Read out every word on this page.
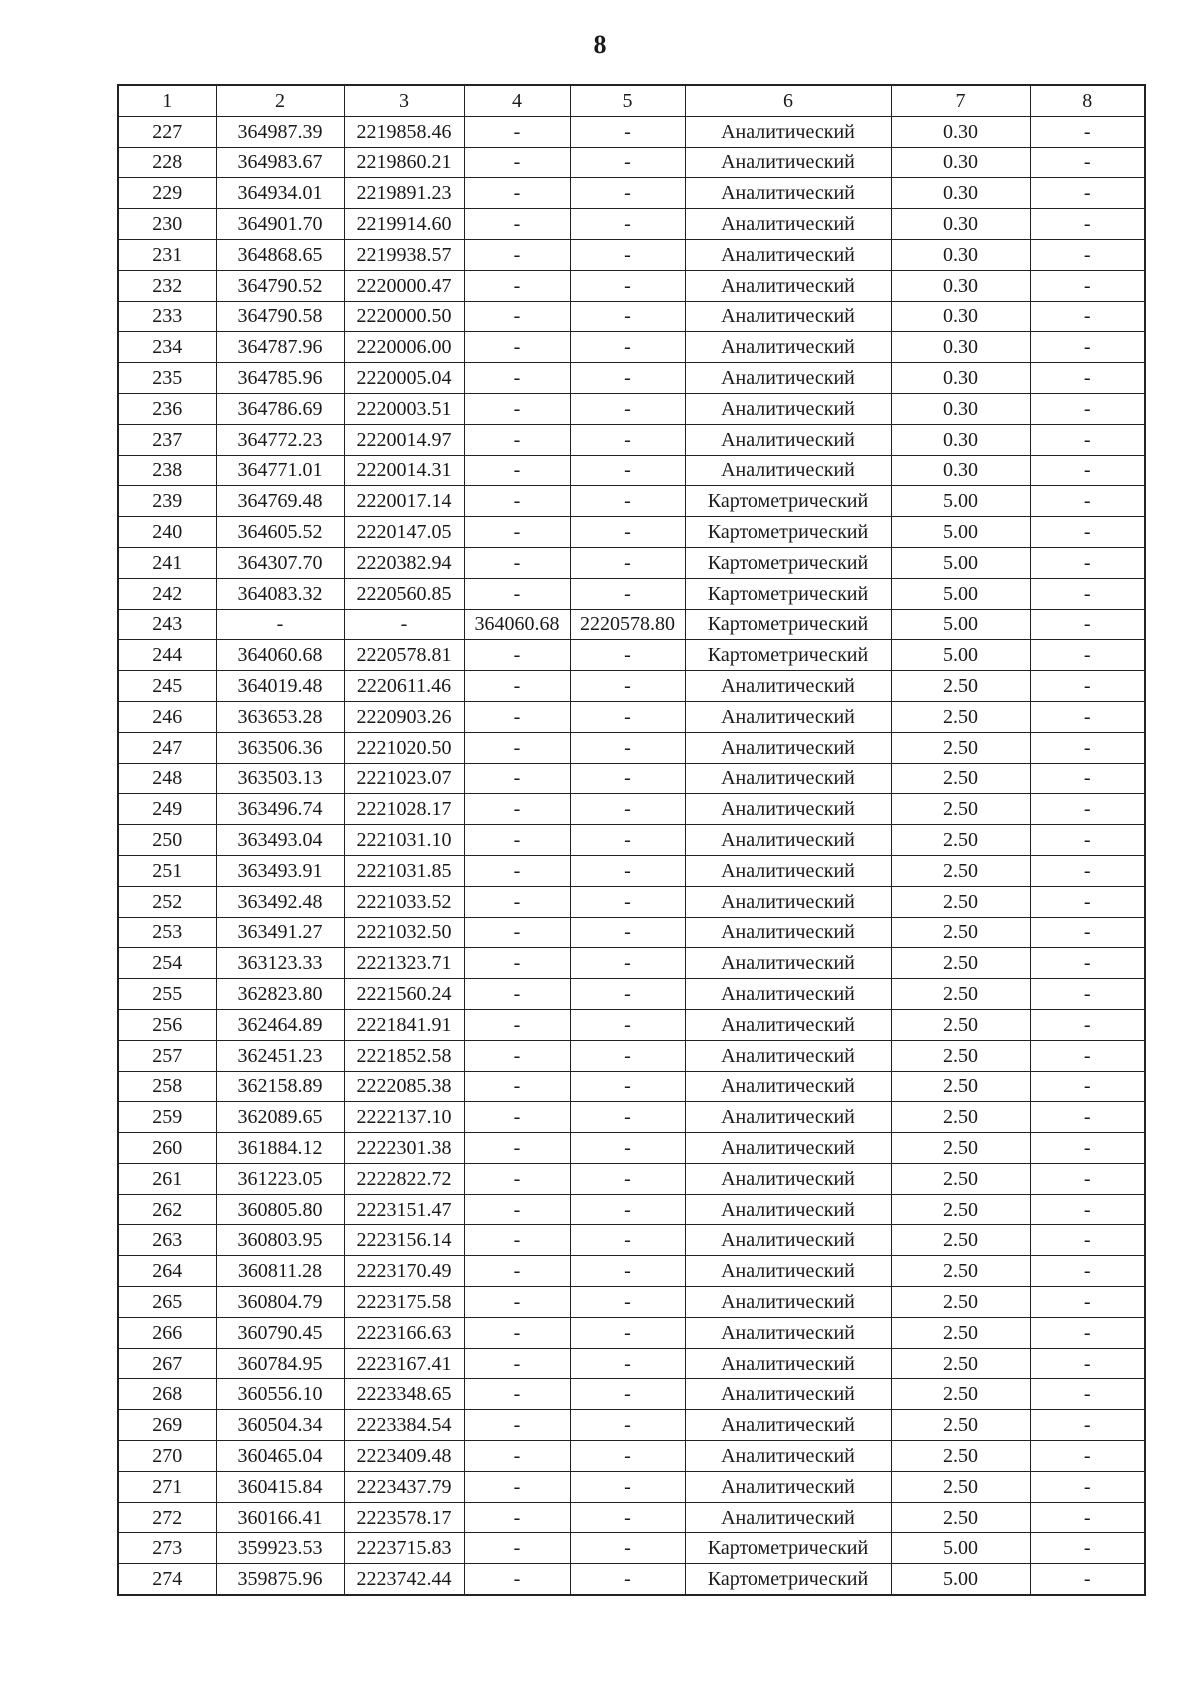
8
1	2	3	4	5	6	7	8
227	364987.39	2219858.46	-	-	Аналитический	0.30	-
228	364983.67	2219860.21	-	-	Аналитический	0.30	-
229	364934.01	2219891.23	-	-	Аналитический	0.30	-
230	364901.70	2219914.60	-	-	Аналитический	0.30	-
231	364868.65	2219938.57	-	-	Аналитический	0.30	-
232	364790.52	2220000.47	-	-	Аналитический	0.30	-
233	364790.58	2220000.50	-	-	Аналитический	0.30	-
234	364787.96	2220006.00	-	-	Аналитический	0.30	-
235	364785.96	2220005.04	-	-	Аналитический	0.30	-
236	364786.69	2220003.51	-	-	Аналитический	0.30	-
237	364772.23	2220014.97	-	-	Аналитический	0.30	-
238	364771.01	2220014.31	-	-	Аналитический	0.30	-
239	364769.48	2220017.14	-	-	Картометрический	5.00	-
240	364605.52	2220147.05	-	-	Картометрический	5.00	-
241	364307.70	2220382.94	-	-	Картометрический	5.00	-
242	364083.32	2220560.85	-	-	Картометрический	5.00	-
243	-	-	364060.68	2220578.80	Картометрический	5.00	-
244	364060.68	2220578.81	-	-	Картометрический	5.00	-
245	364019.48	2220611.46	-	-	Аналитический	2.50	-
246	363653.28	2220903.26	-	-	Аналитический	2.50	-
247	363506.36	2221020.50	-	-	Аналитический	2.50	-
248	363503.13	2221023.07	-	-	Аналитический	2.50	-
249	363496.74	2221028.17	-	-	Аналитический	2.50	-
250	363493.04	2221031.10	-	-	Аналитический	2.50	-
251	363493.91	2221031.85	-	-	Аналитический	2.50	-
252	363492.48	2221033.52	-	-	Аналитический	2.50	-
253	363491.27	2221032.50	-	-	Аналитический	2.50	-
254	363123.33	2221323.71	-	-	Аналитический	2.50	-
255	362823.80	2221560.24	-	-	Аналитический	2.50	-
256	362464.89	2221841.91	-	-	Аналитический	2.50	-
257	362451.23	2221852.58	-	-	Аналитический	2.50	-
258	362158.89	2222085.38	-	-	Аналитический	2.50	-
259	362089.65	2222137.10	-	-	Аналитический	2.50	-
260	361884.12	2222301.38	-	-	Аналитический	2.50	-
261	361223.05	2222822.72	-	-	Аналитический	2.50	-
262	360805.80	2223151.47	-	-	Аналитический	2.50	-
263	360803.95	2223156.14	-	-	Аналитический	2.50	-
264	360811.28	2223170.49	-	-	Аналитический	2.50	-
265	360804.79	2223175.58	-	-	Аналитический	2.50	-
266	360790.45	2223166.63	-	-	Аналитический	2.50	-
267	360784.95	2223167.41	-	-	Аналитический	2.50	-
268	360556.10	2223348.65	-	-	Аналитический	2.50	-
269	360504.34	2223384.54	-	-	Аналитический	2.50	-
270	360465.04	2223409.48	-	-	Аналитический	2.50	-
271	360415.84	2223437.79	-	-	Аналитический	2.50	-
272	360166.41	2223578.17	-	-	Аналитический	2.50	-
273	359923.53	2223715.83	-	-	Картометрический	5.00	-
274	359875.96	2223742.44	-	-	Картометрический	5.00	-
